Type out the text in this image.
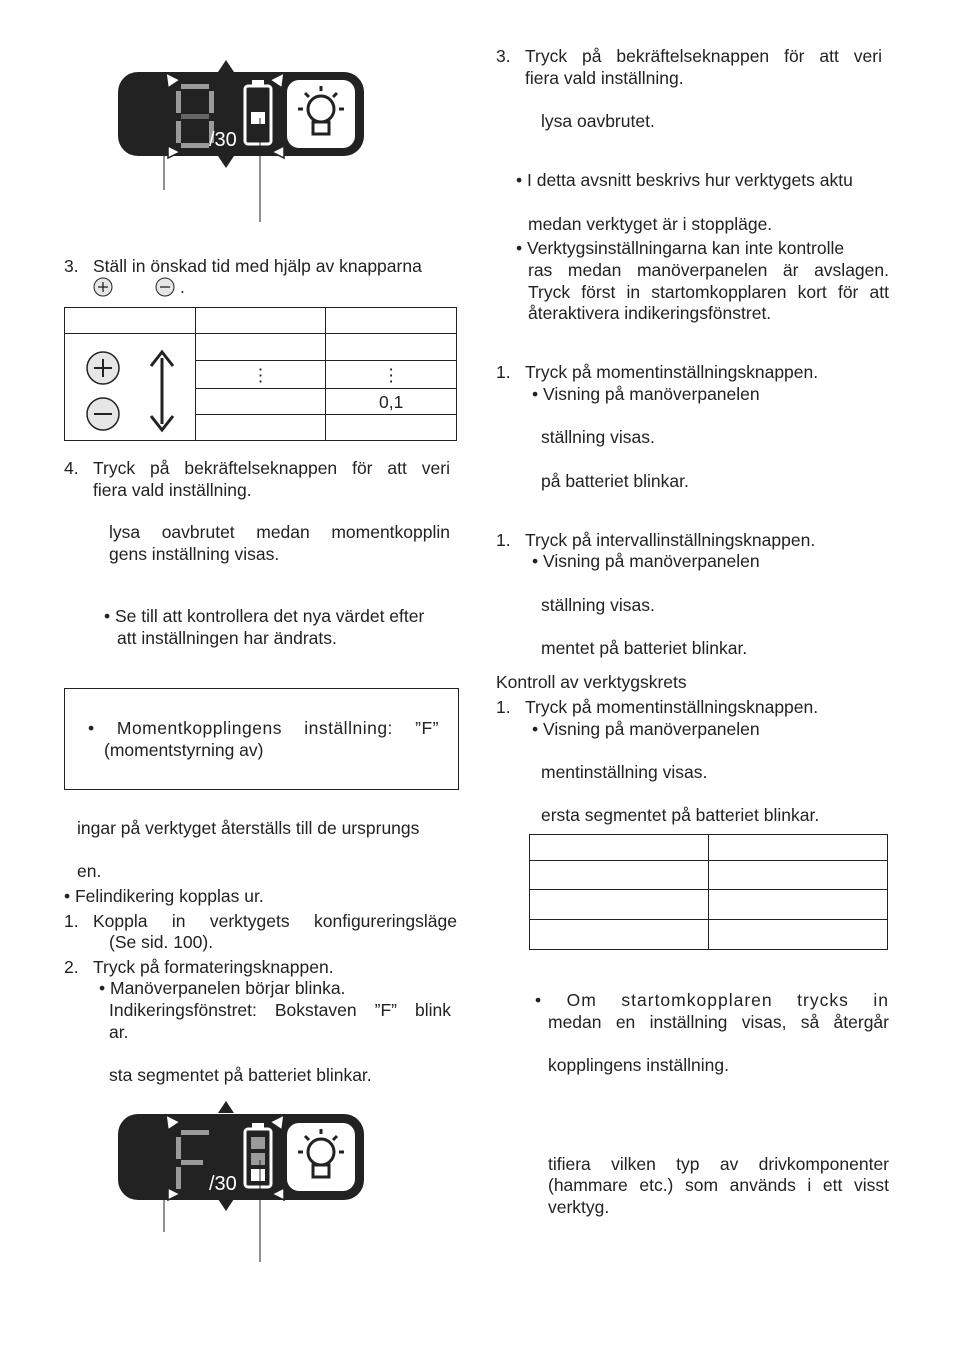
/30
3. Ställ in önskad tid med hjälp av knapparna
.

	⋮	⋮
		0,1

4. Tryck på bekräftelseknappen för att veri
fiera vald inställning.
lysa oavbrutet medan momentkopplin
gens inställning visas.
• Se till att kontrollera det nya värdet efter
att inställningen har ändrats.
• Momentkopplingens inställning: ”F”
(momentstyrning av)
ingar på verktyget återställs till de ursprungs
en.
• Felindikering kopplas ur.
1. Koppla in verktygets konfigureringsläge
(Se sid. 100).
2. Tryck på formateringsknappen.
• Manöverpanelen börjar blinka.
Indikeringsfönstret: Bokstaven ”F” blink
ar.
sta segmentet på batteriet blinkar.
/30
3. Tryck på bekräftelseknappen för att veri
fiera vald inställning.
lysa oavbrutet.
• I detta avsnitt beskrivs hur verktygets aktu
medan verktyget är i stoppläge.
• Verktygsinställningarna kan inte kontrolle
ras medan manöverpanelen är avslagen.
Tryck först in startomkopplaren kort för att
återaktivera indikeringsfönstret.
1. Tryck på momentinställningsknappen.
• Visning på manöverpanelen
ställning visas.
på batteriet blinkar.
1. Tryck på intervallinställningsknappen.
• Visning på manöverpanelen
ställning visas.
mentet på batteriet blinkar.
Kontroll av verktygskrets
1. Tryck på momentinställningsknappen.
• Visning på manöverpanelen
mentinställning visas.
ersta segmentet på batteriet blinkar.

• Om startomkopplaren trycks in
medan en inställning visas, så återgår
kopplingens inställning.
tifiera vilken typ av drivkomponenter
(hammare etc.) som används i ett visst
verktyg.
